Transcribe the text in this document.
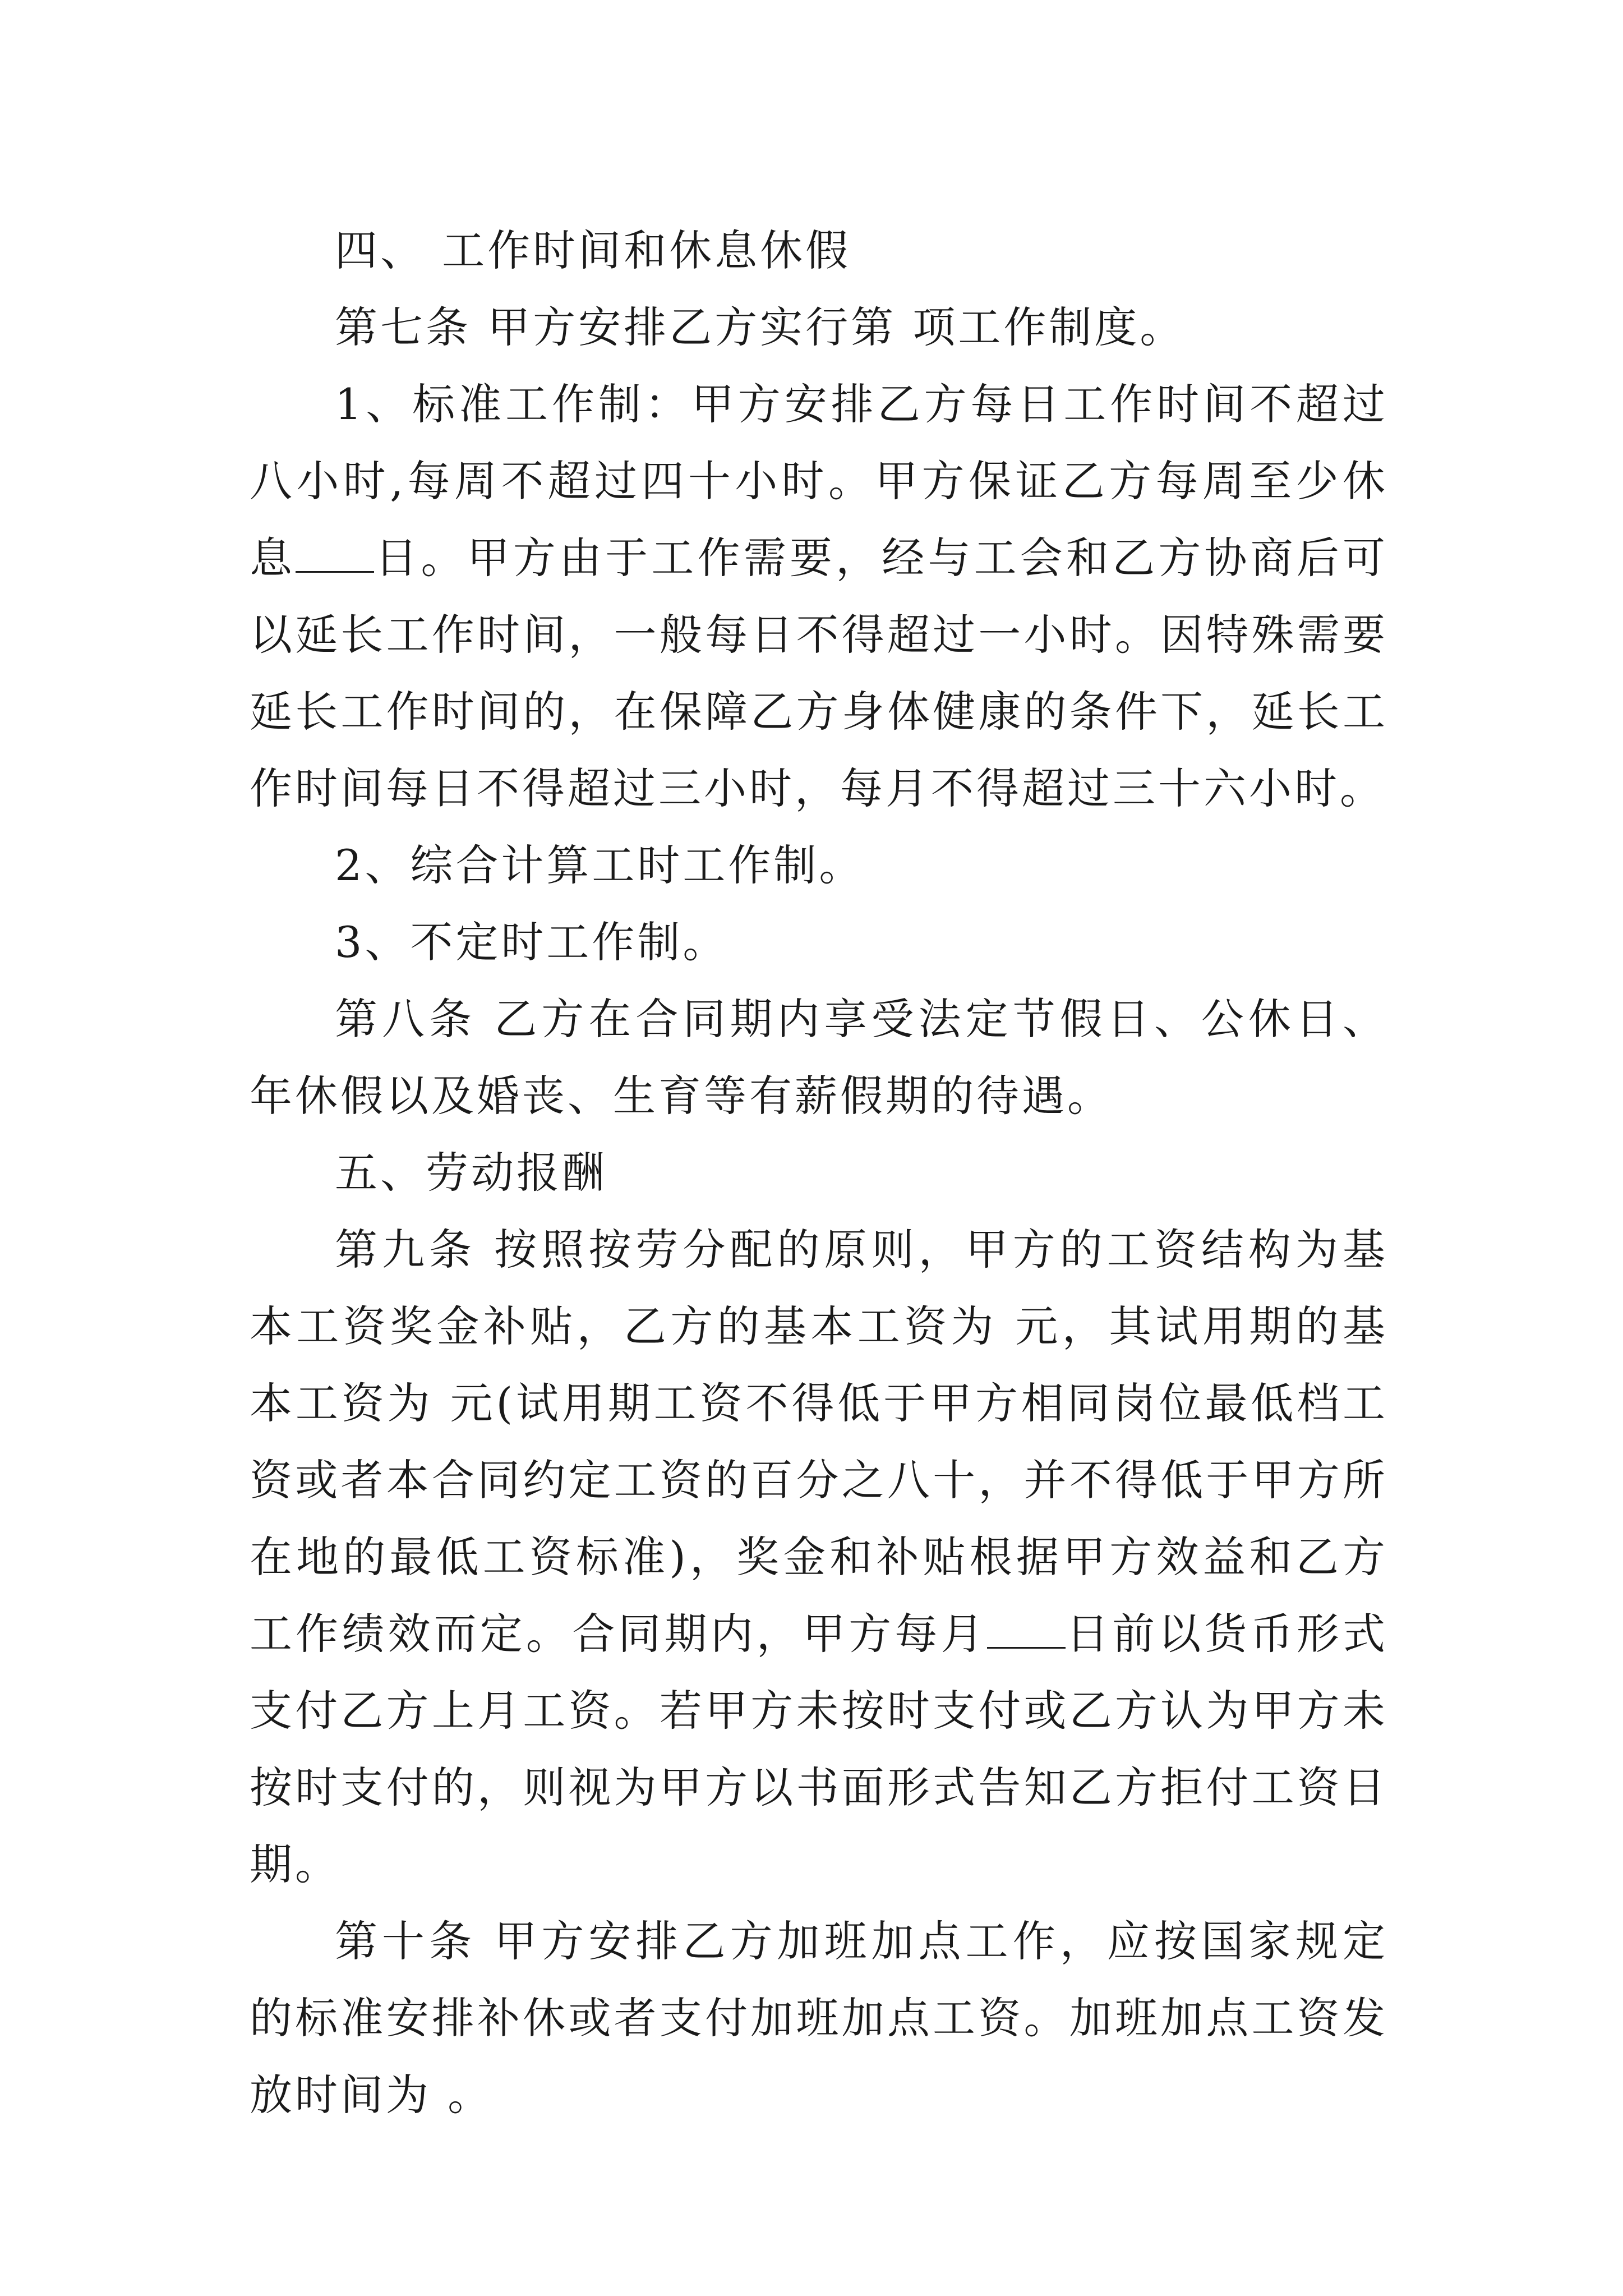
四、 工作时间和休息休假

第七条 甲方安排乙方实行第 项工作制度。

1、标准工作制：甲方安排乙方每日工作时间不超过八小时,每周不超过四十小时。甲方保证乙方每周至少休息 日。甲方由于工作需要，经与工会和乙方协商后可以延长工作时间，一般每日不得超过一小时。因特殊需要延长工作时间的，在保障乙方身体健康的条件下，延长工作时间每日不得超过三小时，每月不得超过三十六小时。

2、综合计算工时工作制。

3、不定时工作制。

第八条 乙方在合同期内享受法定节假日、公休日、年休假以及婚丧、生育等有薪假期的待遇。

五、劳动报酬

第九条 按照按劳分配的原则，甲方的工资结构为基本工资奖金补贴，乙方的基本工资为 元，其试用期的基本工资为 元(试用期工资不得低于甲方相同岗位最低档工资或者本合同约定工资的百分之八十，并不得低于甲方所在地的最低工资标准)，奖金和补贴根据甲方效益和乙方工作绩效而定。合同期内，甲方每月 日前以货币形式支付乙方上月工资。若甲方未按时支付或乙方认为甲方未按时支付的，则视为甲方以书面形式告知乙方拒付工资日期。

第十条 甲方安排乙方加班加点工作，应按国家规定的标准安排补休或者支付加班加点工资。加班加点工资发放时间为 。
